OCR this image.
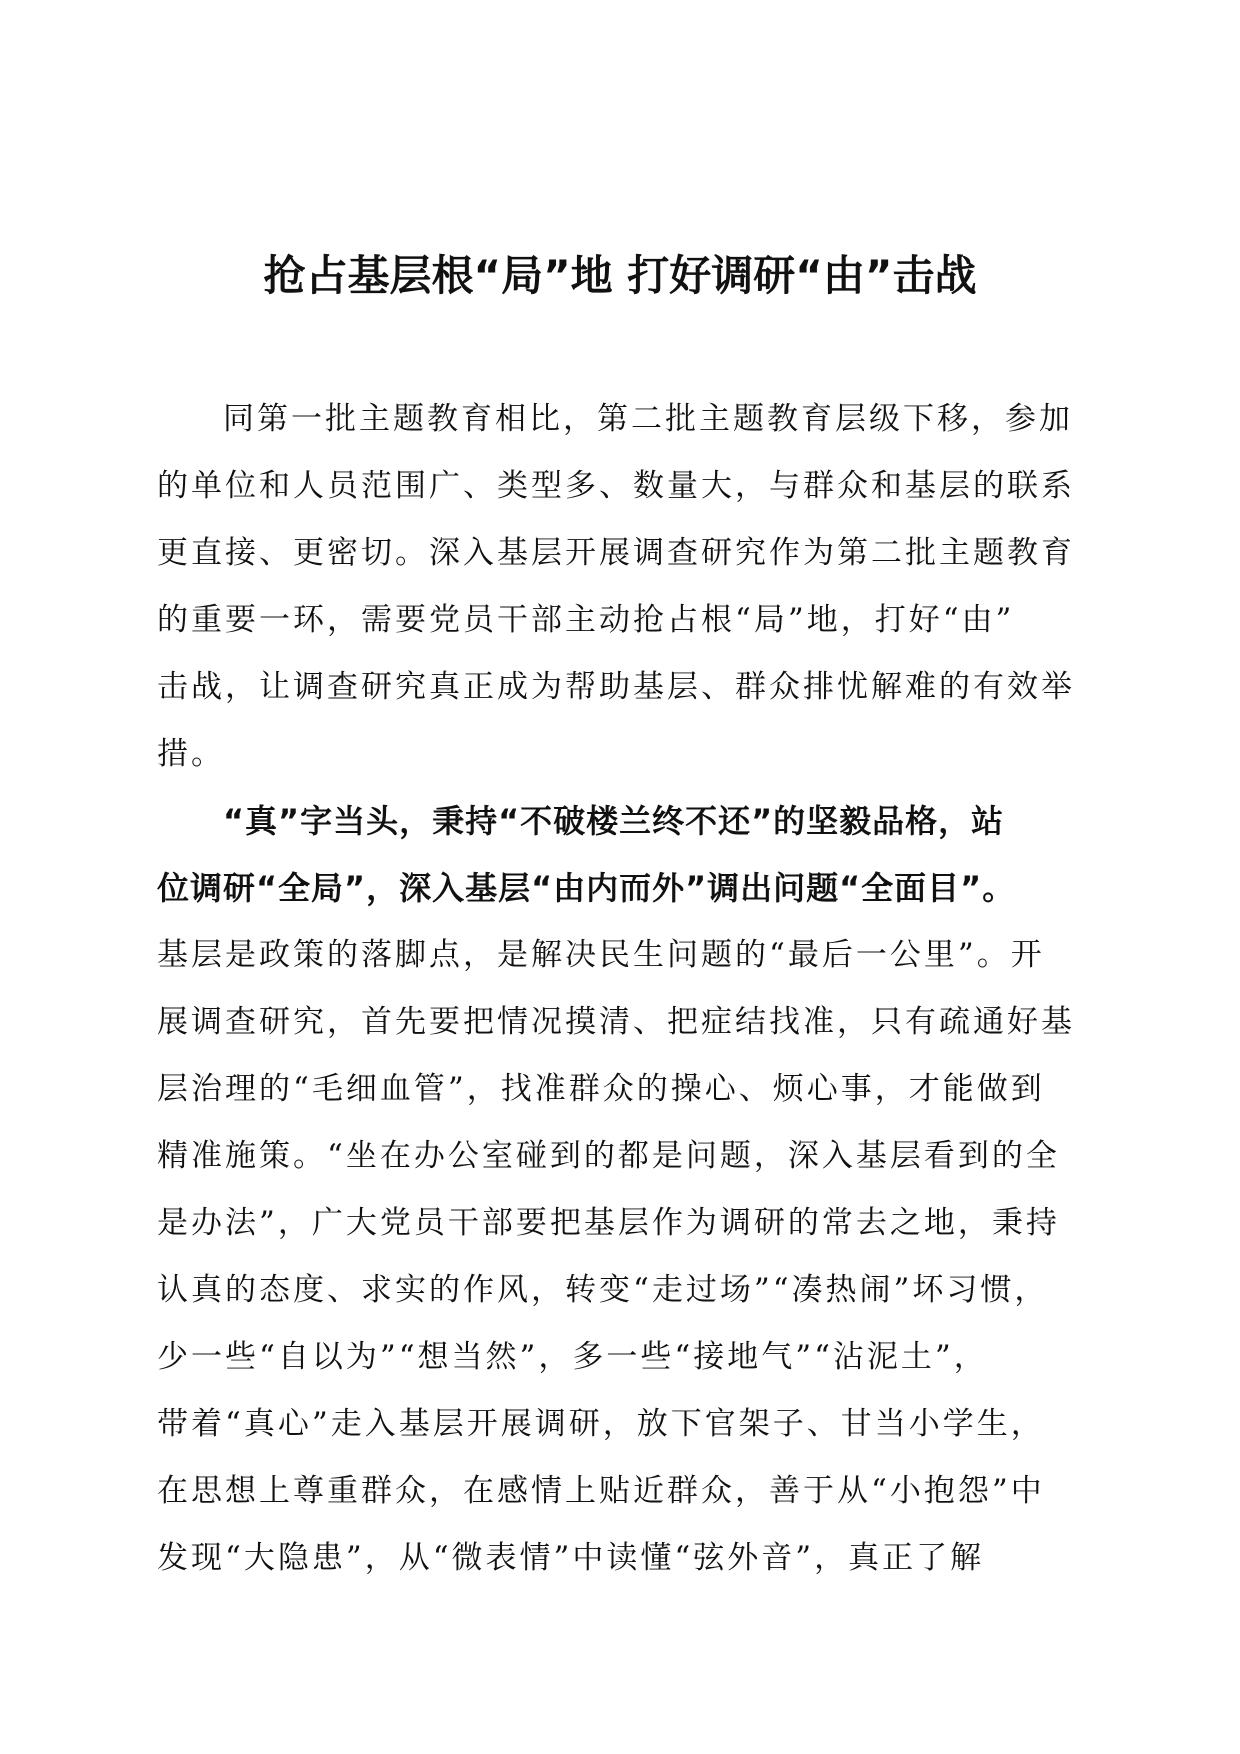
抢占基层根“局”地 打好调研“由”击战
同第一批主题教育相比，第二批主题教育层级下移，参加
的单位和人员范围广、类型多、数量大，与群众和基层的联系
更直接、更密切。深入基层开展调查研究作为第二批主题教育
的重要一环，需要党员干部主动抢占根“局”地，打好“由”
击战，让调查研究真正成为帮助基层、群众排忧解难的有效举
措。
“真”字当头，秉持“不破楼兰终不还”的坚毅品格，站
位调研“全局”，深入基层“由内而外”调出问题“全面目”。
基层是政策的落脚点，是解决民生问题的“最后一公里”。开
展调查研究，首先要把情况摸清、把症结找准，只有疏通好基
层治理的“毛细血管”，找准群众的操心、烦心事，才能做到
精准施策。“坐在办公室碰到的都是问题，深入基层看到的全
是办法”，广大党员干部要把基层作为调研的常去之地，秉持
认真的态度、求实的作风，转变“走过场”“凑热闹”坏习惯，
少一些“自以为”“想当然”，多一些“接地气”“沾泥土”，
带着“真心”走入基层开展调研，放下官架子、甘当小学生，
在思想上尊重群众，在感情上贴近群众，善于从“小抱怨”中
发现“大隐患”，从“微表情”中读懂“弦外音”，真正了解
